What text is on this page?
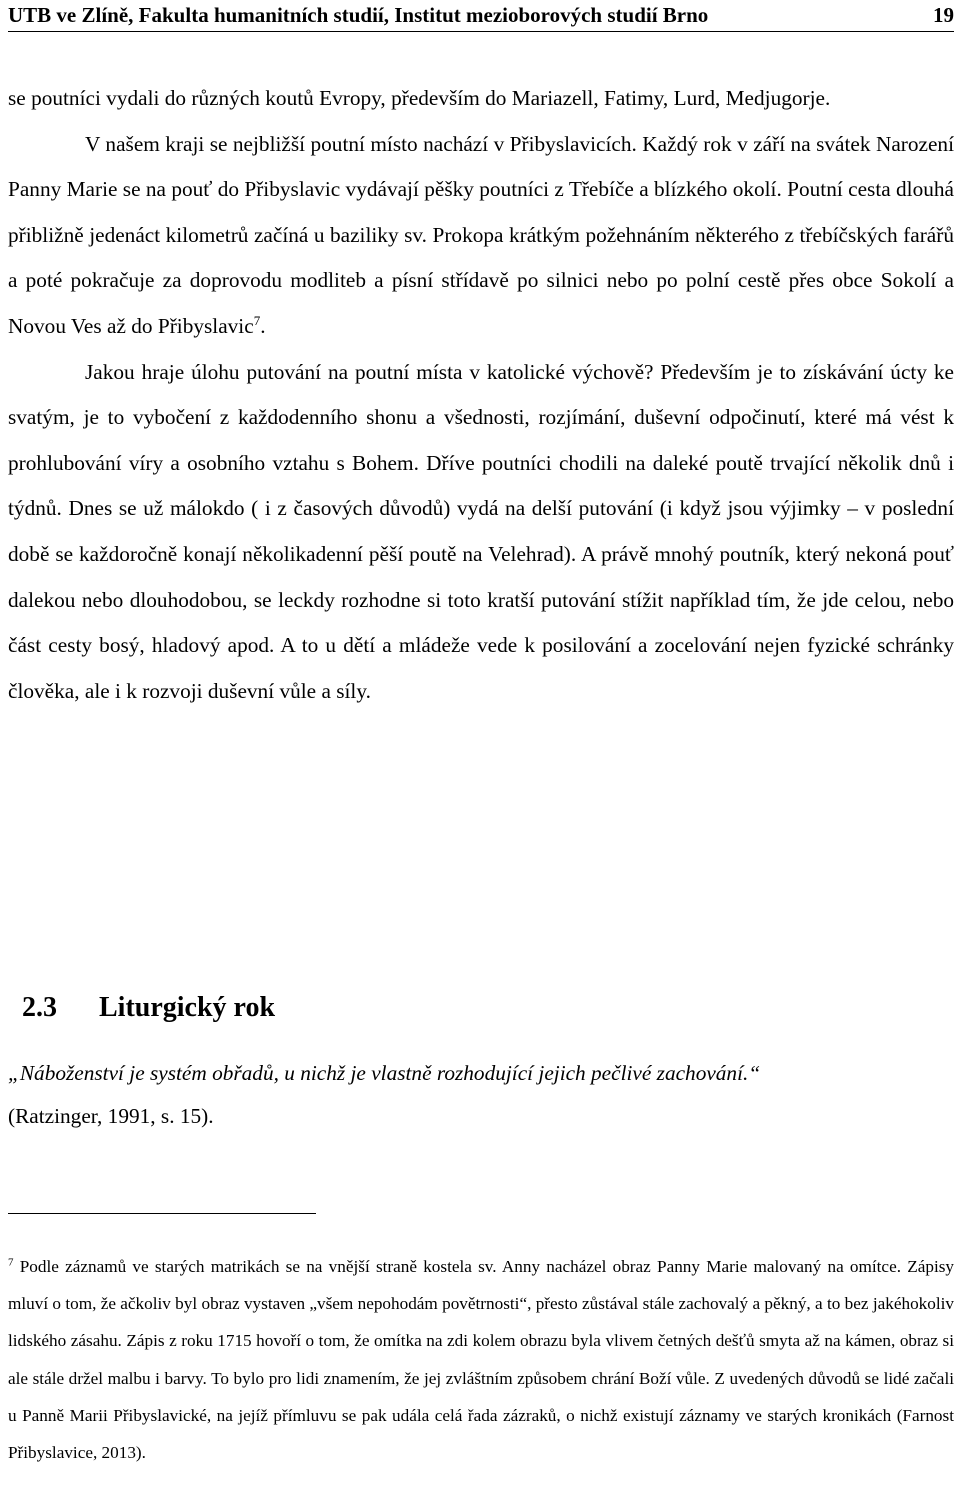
UTB ve Zlíně, Fakulta humanitních studií, Institut mezioborových studií Brno	19

se poutníci vydali do různých koutů Evropy, především do Mariazell, Fatimy, Lurd, Medjugorje.

V našem kraji se nejbližší poutní místo nachází v Přibyslavicích. Každý rok v září na svátek Narození Panny Marie se na pouť do Přibyslavic vydávají pěšky poutníci z Třebíče a blízkého okolí. Poutní cesta dlouhá přibližně jedenáct kilometrů začíná u baziliky sv. Prokopa krátkým požehnáním některého z třebíčských farářů a poté pokračuje za doprovodu modliteb a písní střídavě po silnici nebo po polní cestě přes obce Sokolí a Novou Ves až do Přibyslavic$^7$.

Jakou hraje úlohu putování na poutní místa v katolické výchově? Především je to získávání úcty ke svatým, je to vybočení z každodenního shonu a všednosti, rozjímání, duševní odpočinutí, které má vést k prohlubování víry a osobního vztahu s Bohem. Dříve poutníci chodili na daleké poutě trvající několik dnů i týdnů. Dnes se už málokdo ( i z časových důvodů) vydá na delší putování (i když jsou výjimky – v poslední době se každoročně konají několikadenní pěší poutě na Velehrad). A právě mnohý poutník, který nekoná pouť dalekou nebo dlouhodobou, se leckdy rozhodne si toto kratší putování stížit například tím, že jde celou, nebo část cesty bosý, hladový apod. A to u dětí a mládeže vede k posilování a zocelování nejen fyzické schránky člověka, ale i k rozvoji duševní vůle a síly.

2.3 Liturgický rok
„Náboženství je systém obřadů, u nichž je vlastně rozhodující jejich pečlivé zachování.“
(Ratzinger, 1991, s. 15).

$^7$ Podle záznamů ve starých matrikách se na vnější straně kostela sv. Anny nacházel obraz Panny Marie malovaný na omítce. Zápisy mluví o tom, že ačkoliv byl obraz vystaven „všem nepohodám povětrnosti“, přesto zůstával stále zachovalý a pěkný, a to bez jakéhokoliv lidského zásahu. Zápis z roku 1715 hovoří o tom, že omítka na zdi kolem obrazu byla vlivem četných dešťů smyta až na kámen, obraz si ale stále držel malbu i barvy. To bylo pro lidi znamením, že jej zvláštním způsobem chrání Boží vůle. Z uvedených důvodů se lidé začali u Panně Marii Přibyslavické, na jejíž přímluvu se pak udála celá řada zázraků, o nichž existují záznamy ve starých kronikách (Farnost Přibyslavice, 2013).
